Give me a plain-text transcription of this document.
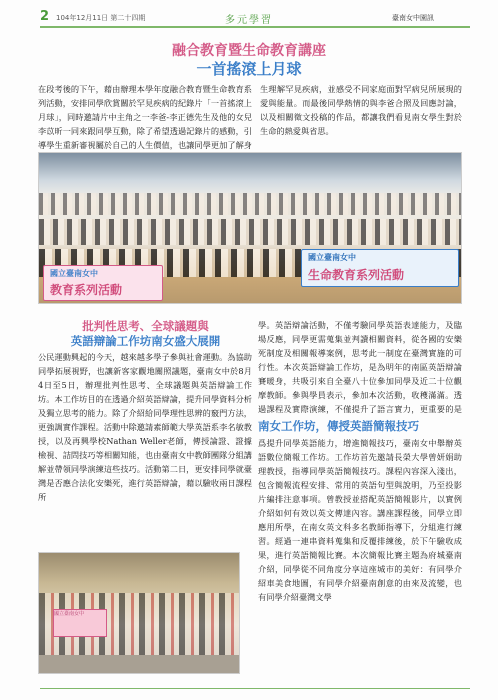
2 104年12月11日 第二十四期	多元學習	臺南女中園訊
融合教育暨生命教育講座
一首搖滾上月球
在段考後的下午，藉由辦理本學年度融合教育暨生命教育系列活動，安排同學欣賞關於罕見疾病的紀錄片「一首搖滾上月球」，同時邀請片中主角之一李爸-李正德先生及他的女兒李苡昕一同來跟同學互動，除了希望透過記錄片的感動，引導學生重新審視屬於自己的人生價值，也讓同學更加了解身
生理解罕見疾病，並感受不同家庭面對罕病兒所展現的愛與能量。而最後同學熱情的與李爸合照及回應討論，以及相關徵文投稿的作品，都讓我們看見南女學生對於生命的熱愛與省思。
國立臺南女中
教育系列活動
國立臺南女中
生命教育系列活動
批判性思考、全球議題與
英語辯論工作坊南女盛大展開
公民運動興起的今天，越來越多學子參與社會運動。為協助同學拓展視野，也讓新客家觀地關照議題，臺南女中於8月4日至5日，辦理批判性思考、全球議題與英語辯論工作坊。本工作坊目的在透過介紹英語辯論，提升同學資料分析及獨立思考的能力。除了介紹給同學理性思辨的竅門方法，更強調實作課程。活動中除邀請素師範大學英語系李名敏教授，以及再興學校Nathan Weller老師，傳授論證、證據檢視、詰問技巧等相關知能，也由臺南女中教師團隊分組講解並帶領同學演練這些技巧。活動第二日，更安排同學就臺灣是否應合法化安樂死，進行英語辯論，藉以驗收兩日課程所
學。英語辯論活動，不僅考驗同學英語表達能力，及臨場反應，同學更需蒐集並判讀相關資料，從各國的安樂死制度及相關報導案例，思考此一制度在臺灣實施的可行性。本次英語辯論工作坊，是為明年的南區英語辯論賽暖身，共吸引來自全臺八十位參加同學及近二十位觀摩教師。參與學員表示，參加本次活動，收穫滿滿。透過課程及實際演練，不僅提升了語言實力，更重要的是
南女工作坊，傳授英語簡報技巧
爲提升同學英語能力，增進簡報技巧，臺南女中舉辦英語數位簡報工作坊。工作坊首先邀請長榮大學曾妍娟助理教授，指導同學英語簡報技巧。課程內容深入淺出，包含簡報流程安排、常用的英語句型與說明，乃至投影片編排注意事項。曾教授並搭配英語簡報影片，以實例介紹如何有效以英文傳達內容。講座課程後，同學立即應用所學，在南女英文科多名教師指導下，分組進行練習。經過一連串資料蒐集和反覆排練後，於下午驗收成果，進行英語簡報比賽。本次簡報比賽主題為府城臺南介紹，同學從不同角度分享這座城市的美好：有同學介紹車美食地圖，有同學介紹臺南創意的由來及流變，也有同學介紹臺灣文學
國立臺南女中
